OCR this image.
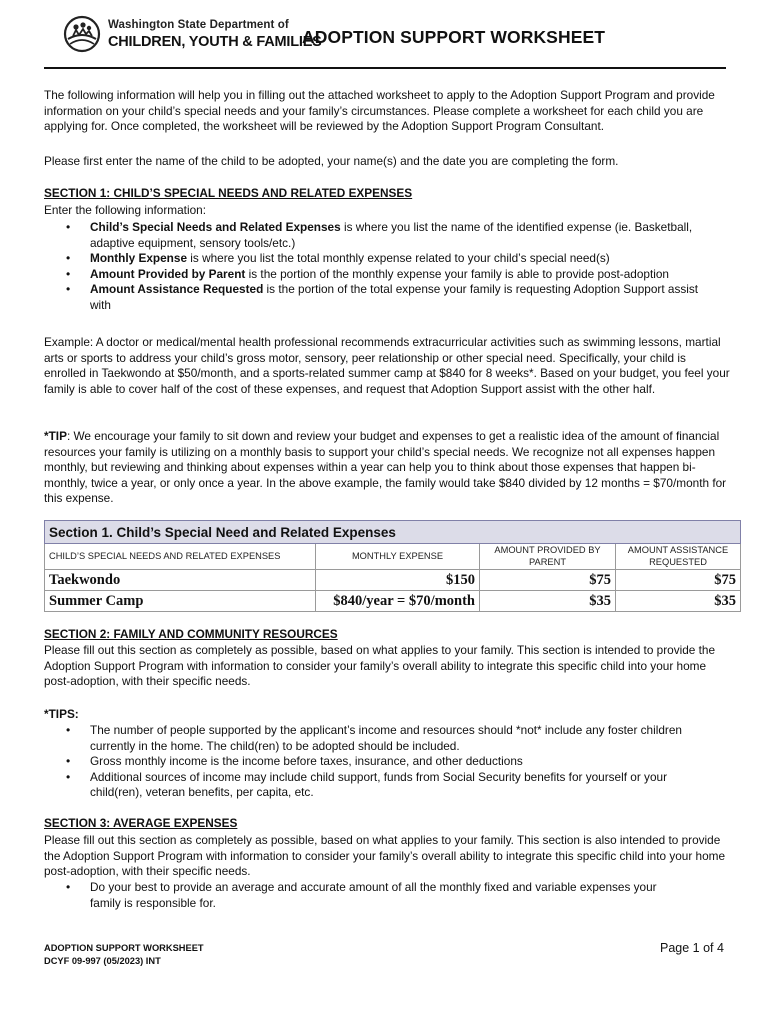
Washington State Department of
CHILDREN, YOUTH & FAMILIES
ADOPTION SUPPORT WORKSHEET
The following information will help you in filling out the attached worksheet to apply to the Adoption Support Program and provide information on your child’s special needs and your family’s circumstances. Please complete a worksheet for each child you are applying for. Once completed, the worksheet will be reviewed by the Adoption Support Program Consultant.
Please first enter the name of the child to be adopted, your name(s) and the date you are completing the form.
SECTION 1: CHILD’S SPECIAL NEEDS AND RELATED EXPENSES
Enter the following information:
• Child’s Special Needs and Related Expenses is where you list the name of the identified expense (ie. Basketball, adaptive equipment, sensory tools/etc.)
• Monthly Expense is where you list the total monthly expense related to your child’s special need(s)
• Amount Provided by Parent is the portion of the monthly expense your family is able to provide post-adoption
• Amount Assistance Requested is the portion of the total expense your family is requesting Adoption Support assist with
Example: A doctor or medical/mental health professional recommends extracurricular activities such as swimming lessons, martial arts or sports to address your child’s gross motor, sensory, peer relationship or other special need. Specifically, your child is enrolled in Taekwondo at $50/month, and a sports-related summer camp at $840 for 8 weeks*. Based on your budget, you feel your family is able to cover half of the cost of these expenses, and request that Adoption Support assist with the other half.
*TIP: We encourage your family to sit down and review your budget and expenses to get a realistic idea of the amount of financial resources your family is utilizing on a monthly basis to support your child’s special needs. We recognize not all expenses happen monthly, but reviewing and thinking about expenses within a year can help you to think about those expenses that happen bi-monthly, twice a year, or only once a year. In the above example, the family would take $840 divided by 12 months = $70/month for this expense.
Section 1. Child’s Special Need and Related Expenses			
CHILD’S SPECIAL NEEDS AND RELATED EXPENSES	MONTHLY EXPENSE	AMOUNT PROVIDED BY PARENT	AMOUNT ASSISTANCE REQUESTED
Taekwondo	$150	$75	$75
Summer Camp	$840/year = $70/month	$35	$35
SECTION 2: FAMILY AND COMMUNITY RESOURCES
Please fill out this section as completely as possible, based on what applies to your family. This section is intended to provide the Adoption Support Program with information to consider your family’s overall ability to integrate this specific child into your home post-adoption, with their specific needs.
*TIPS:
• The number of people supported by the applicant’s income and resources should *not* include any foster children currently in the home. The child(ren) to be adopted should be included.
• Gross monthly income is the income before taxes, insurance, and other deductions
• Additional sources of income may include child support, funds from Social Security benefits for yourself or your child(ren), veteran benefits, per capita, etc.
SECTION 3: AVERAGE EXPENSES
Please fill out this section as completely as possible, based on what applies to your family. This section is also intended to provide the Adoption Support Program with information to consider your family’s overall ability to integrate this specific child into your home post-adoption, with their specific needs.
• Do your best to provide an average and accurate amount of all the monthly fixed and variable expenses your family is responsible for.
ADOPTION SUPPORT WORKSHEET
DCYF 09-997 (05/2023) INT
Page 1 of 4
